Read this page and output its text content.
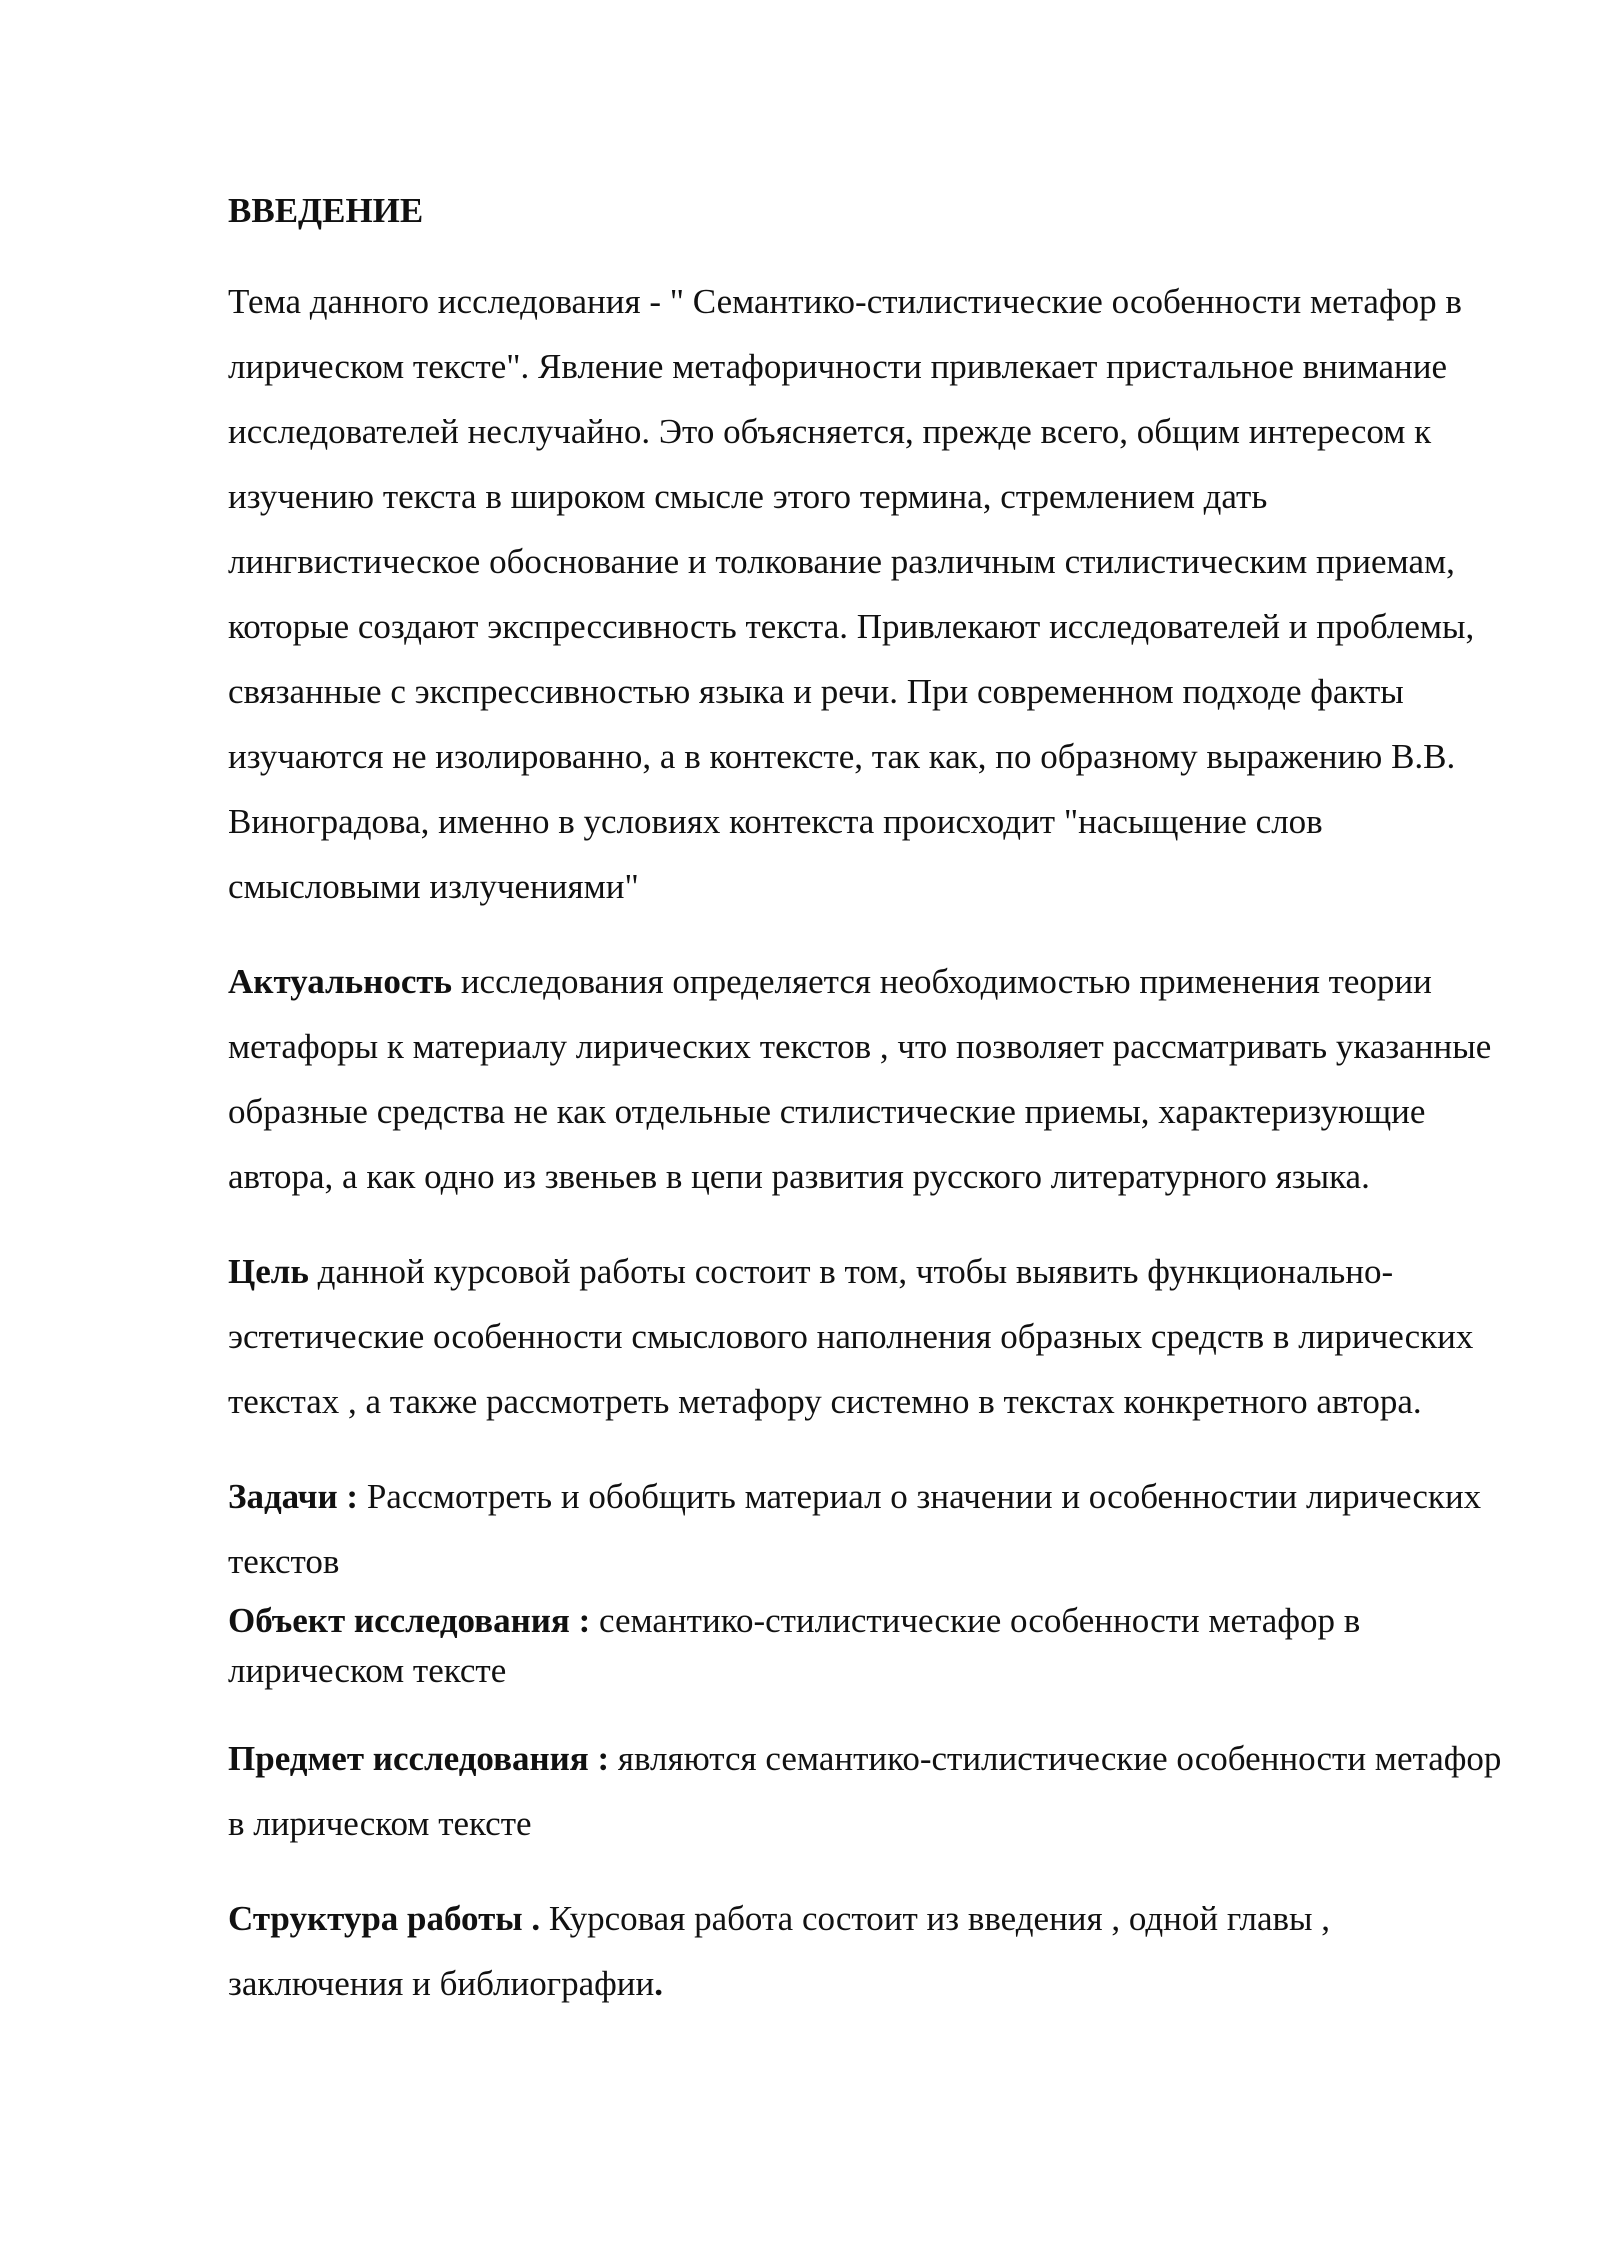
ВВЕДЕНИЕ

Тема данного исследования - " Семантико-стилистические особенности метафор в лирическом тексте". Явление метафоричности привлекает пристальное внимание исследователей неслучайно. Это объясняется, прежде всего, общим интересом к изучению текста в широком смысле этого термина, стремлением дать лингвистическое обоснование и толкование различным стилистическим приемам, которые создают экспрессивность текста. Привлекают исследователей и проблемы, связанные с экспрессивностью языка и речи. При современном подходе факты изучаются не изолированно, а в контексте, так как, по образному выражению В.В. Виноградова, именно в условиях контекста происходит "насыщение слов смысловыми излучениями"

Актуальность исследования определяется необходимостью применения теории метафоры к материалу лирических текстов , что позволяет рассматривать указанные образные средства не как отдельные стилистические приемы, характеризующие автора, а как одно из звеньев в цепи развития русского литературного языка.

Цель данной курсовой работы состоит в том, чтобы выявить функционально-эстетические особенности смыслового наполнения образных средств в лирических текстах , а также рассмотреть метафору системно в текстах конкретного автора.

Задачи : Рассмотреть и обобщить материал о значении и особенностии лирических текстов

Объект исследования : семантико-стилистические особенности метафор в лирическом тексте

Предмет исследования : являются семантико-стилистические особенности метафор в лирическом тексте

Структура работы . Курсовая работа состоит из введения , одной главы , заключения и библиографии.
